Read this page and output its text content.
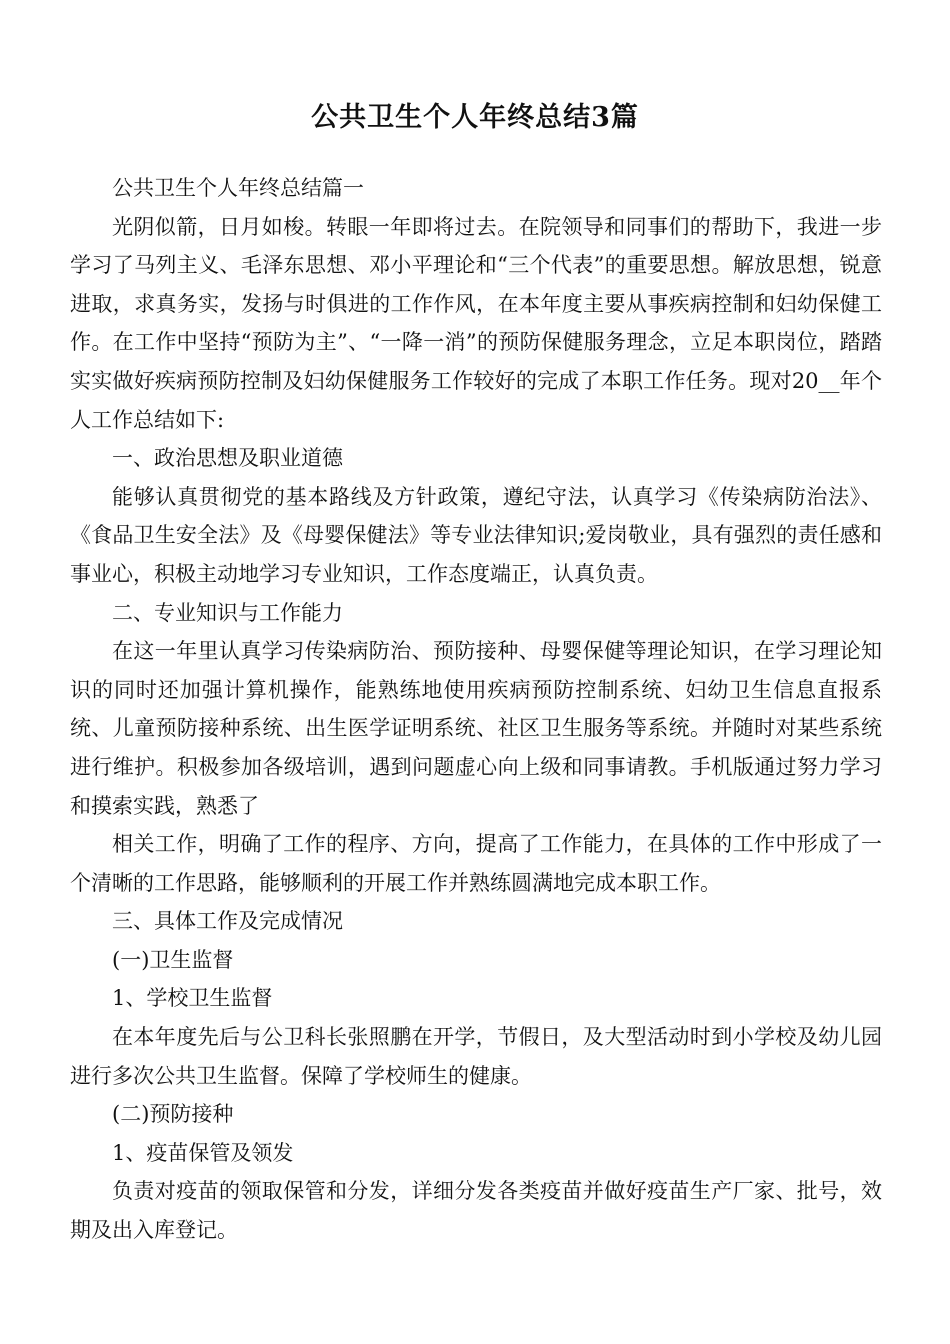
公共卫生个人年终总结3篇

公共卫生个人年终总结篇一

光阴似箭，日月如梭。转眼一年即将过去。在院领导和同事们的帮助下，我进一步学习了马列主义、毛泽东思想、邓小平理论和“三个代表”的重要思想。解放思想，锐意进取，求真务实，发扬与时俱进的工作作风，在本年度主要从事疾病控制和妇幼保健工作。在工作中坚持“预防为主”、“一降一消”的预防保健服务理念，立足本职岗位，踏踏实实做好疾病预防控制及妇幼保健服务工作较好的完成了本职工作任务。现对20__年个人工作总结如下:

一、政治思想及职业道德

能够认真贯彻党的基本路线及方针政策，遵纪守法，认真学习《传染病防治法》、《食品卫生安全法》及《母婴保健法》等专业法律知识;爱岗敬业，具有强烈的责任感和事业心，积极主动地学习专业知识，工作态度端正，认真负责。

二、专业知识与工作能力

在这一年里认真学习传染病防治、预防接种、母婴保健等理论知识，在学习理论知识的同时还加强计算机操作，能熟练地使用疾病预防控制系统、妇幼卫生信息直报系统、儿童预防接种系统、出生医学证明系统、社区卫生服务等系统。并随时对某些系统进行维护。积极参加各级培训，遇到问题虚心向上级和同事请教。手机版通过努力学习和摸索实践，熟悉了

相关工作，明确了工作的程序、方向，提高了工作能力，在具体的工作中形成了一个清晰的工作思路，能够顺利的开展工作并熟练圆满地完成本职工作。

三、具体工作及完成情况

(一)卫生监督

1、学校卫生监督

在本年度先后与公卫科长张照鹏在开学，节假日，及大型活动时到小学校及幼儿园进行多次公共卫生监督。保障了学校师生的健康。

(二)预防接种

1、疫苗保管及领发

负责对疫苗的领取保管和分发，详细分发各类疫苗并做好疫苗生产厂家、批号，效期及出入库登记。
